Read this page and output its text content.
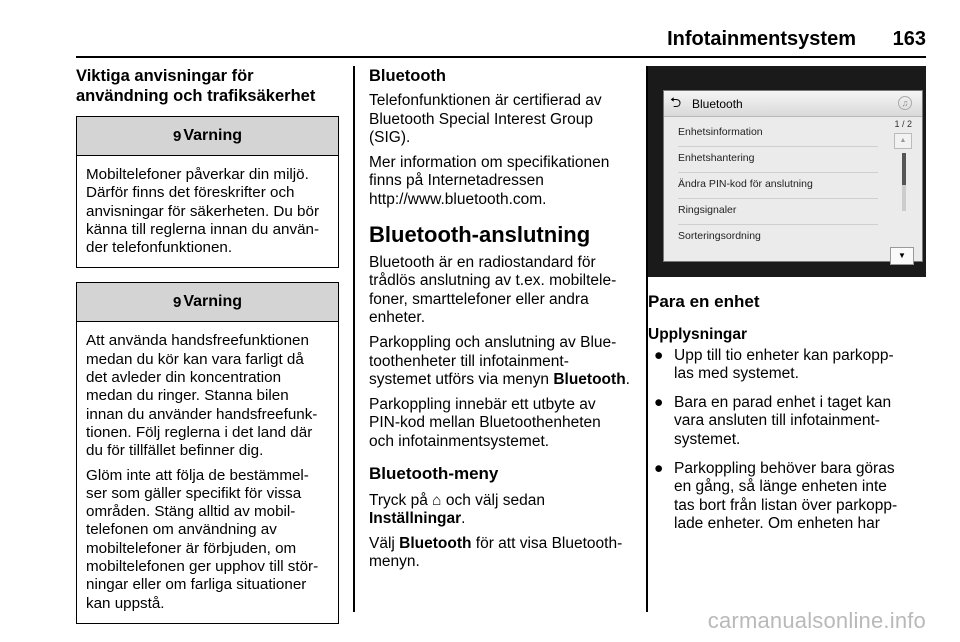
Infotainmentsystem 163
Viktiga anvisningar för
användning och trafiksäkerhet
9 Varning
Mobiltelefoner påverkar din miljö.
Därför finns det föreskrifter och
anvisningar för säkerheten. Du bör
känna till reglerna innan du använ‐
der telefonfunktionen.
9 Varning
Att använda handsfreefunktionen
medan du kör kan vara farligt då
det avleder din koncentration
medan du ringer. Stanna bilen
innan du använder handsfreefunk‐
tionen. Följ reglerna i det land där
du för tillfället befinner dig.
Glöm inte att följa de bestämmel‐
ser som gäller specifikt för vissa
områden. Stäng alltid av mobil‐
telefonen om användning av
mobiltelefoner är förbjuden, om
mobiltelefonen ger upphov till stör‐
ningar eller om farliga situationer
kan uppstå.
Bluetooth
Telefonfunktionen är certifierad av
Bluetooth Special Interest Group
(SIG).
Mer information om specifikationen
finns på Internetadressen
http://www.bluetooth.com.
Bluetooth-anslutning
Bluetooth är en radiostandard för
trådlös anslutning av t.ex. mobiltele‐
foner, smarttelefoner eller andra
enheter.
Parkoppling och anslutning av Blue‐
toothenheter till infotainment‐
systemet utförs via menyn Bluetooth.
Parkoppling innebär ett utbyte av
PIN-kod mellan Bluetoothenheten
och infotainmentsystemet.
Bluetooth-meny
Tryck på ⌂ och välj sedan
Inställningar.
Välj Bluetooth för att visa Bluetooth‐
menyn.
⮌ Bluetooth	♫
Enhetsinformation
Enhetshantering
Ändra PIN-kod för anslutning
Ringsignaler
Sorteringsordning
1 / 2
▲
▼
Para en enhet
Upplysningar
● Upp till tio enheter kan parkopp‐
las med systemet.
● Bara en parad enhet i taget kan
vara ansluten till infotainment‐
systemet.
● Parkoppling behöver bara göras
en gång, så länge enheten inte
tas bort från listan över parkopp‐
lade enheter. Om enheten har
carmanualsonline.info
